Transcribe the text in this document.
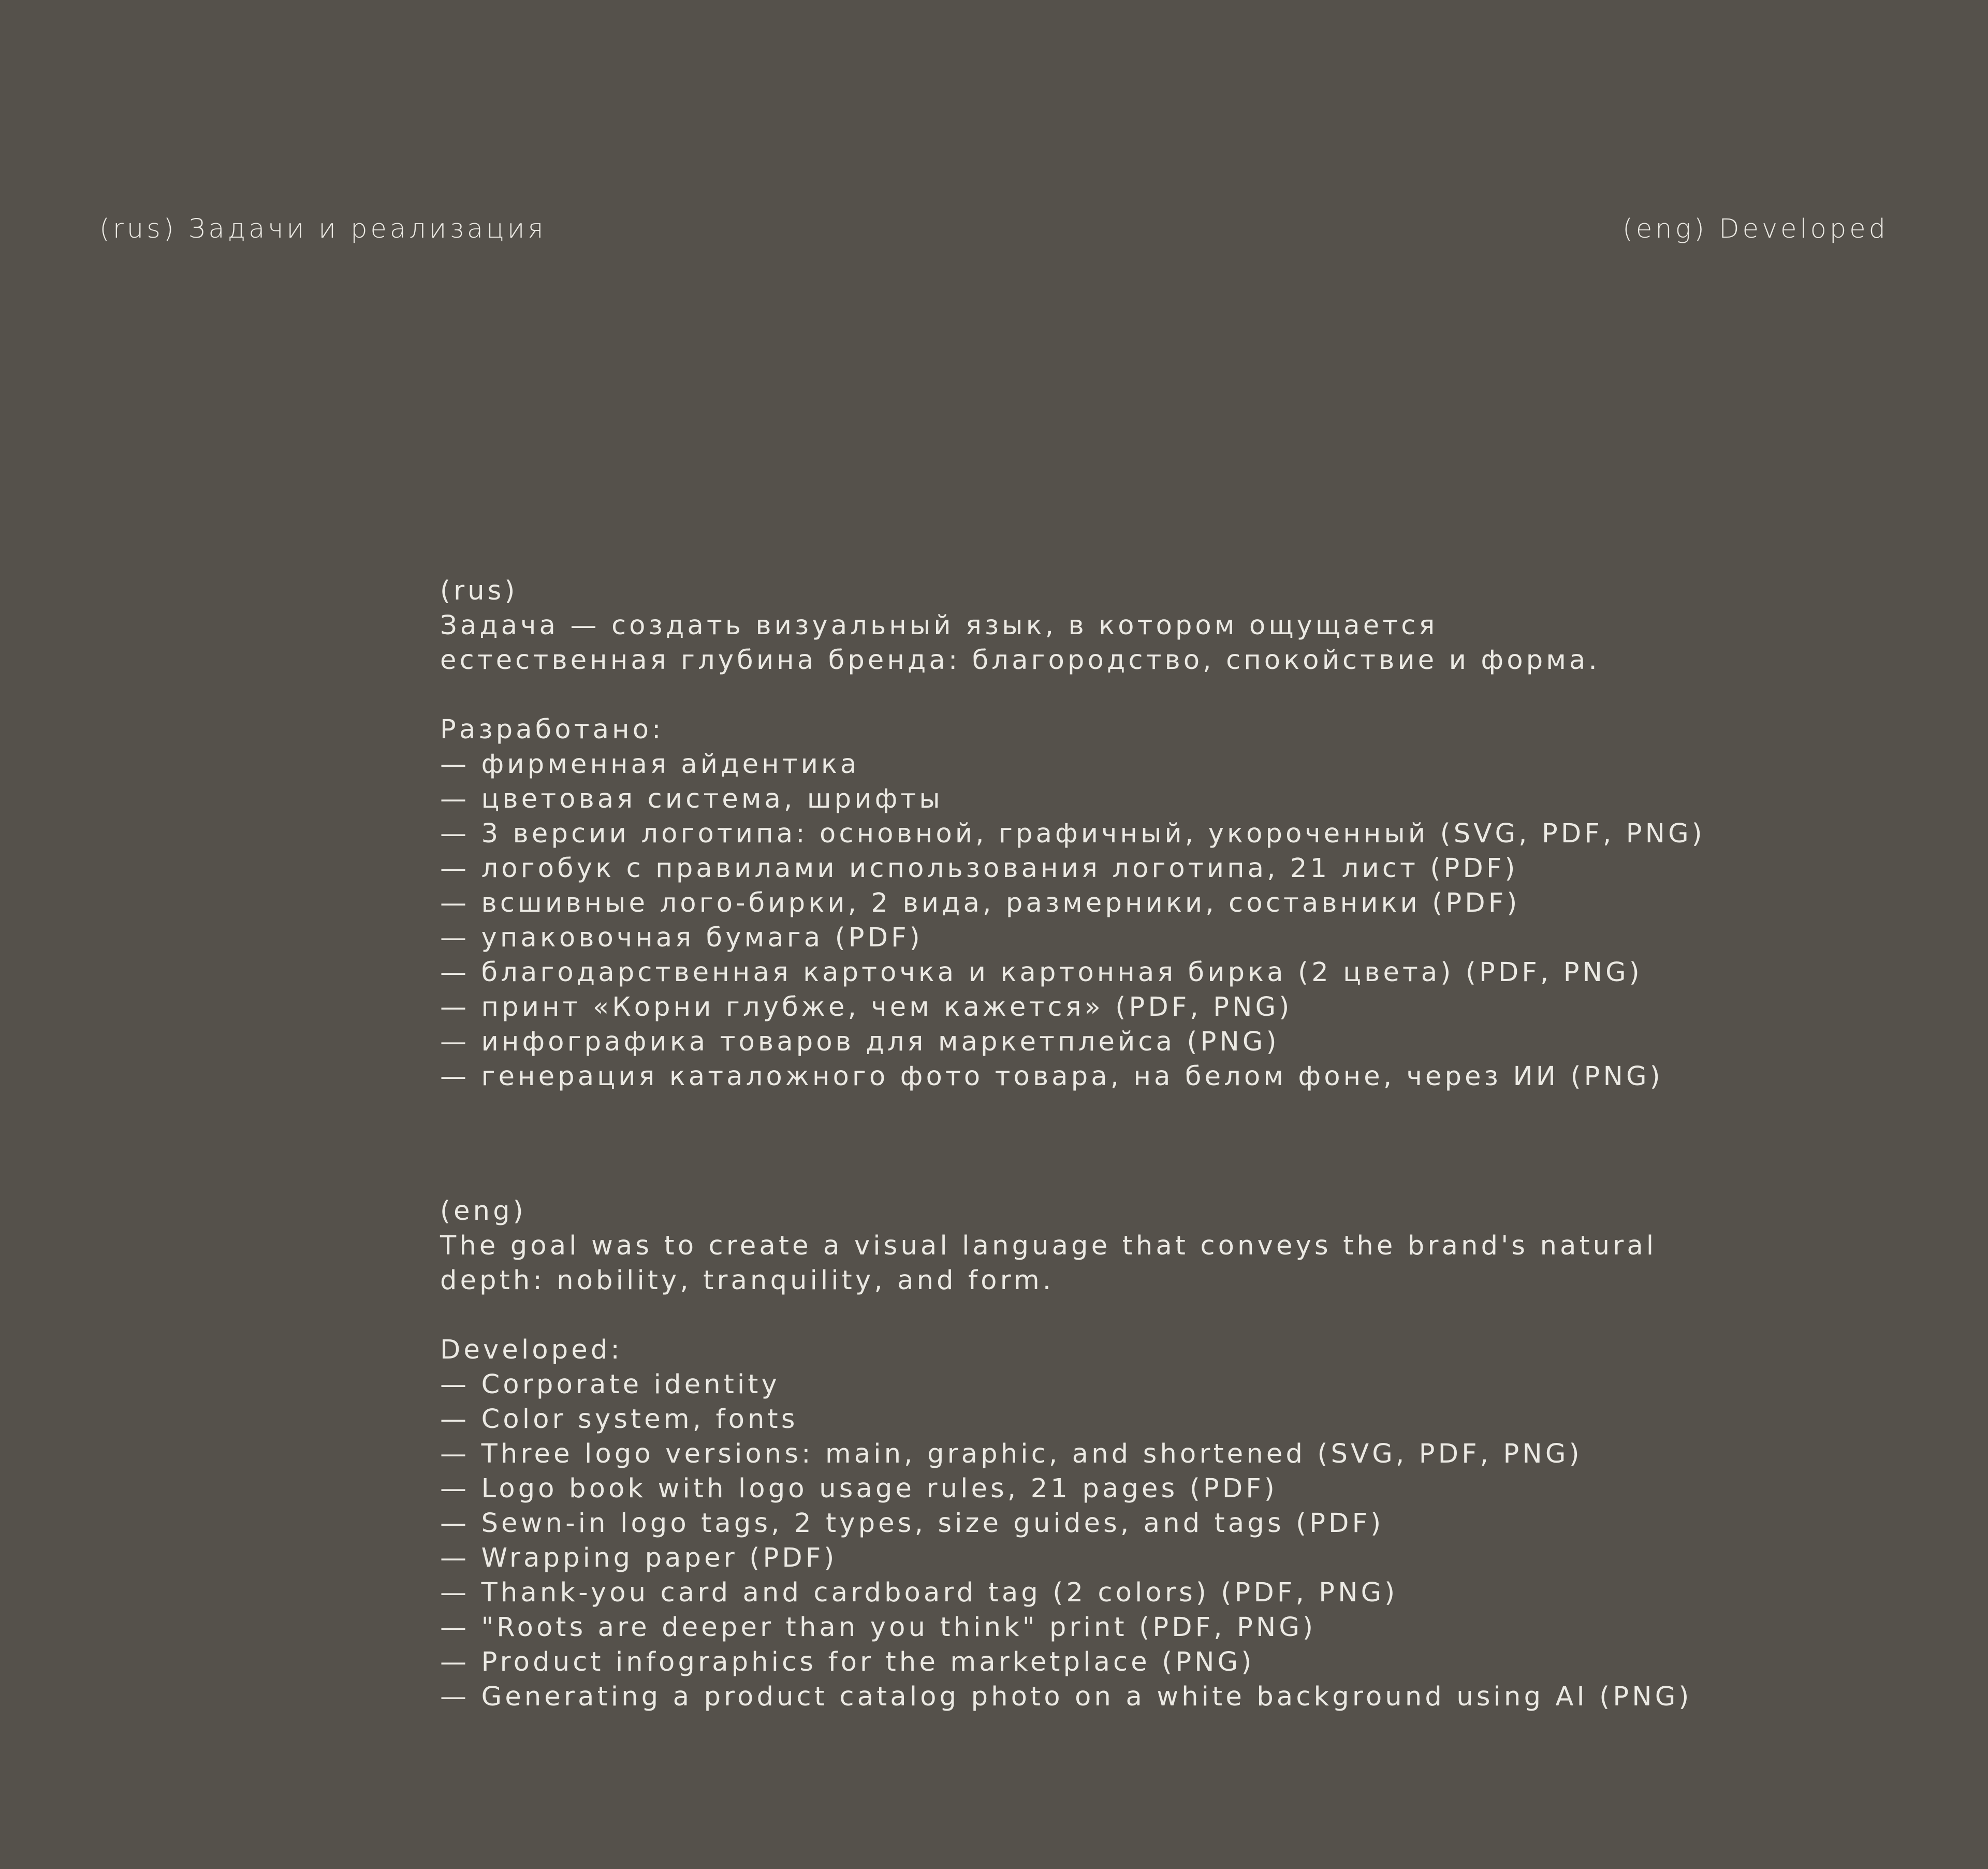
(rus) Задачи и реализация	(eng) Developed
(rus)
Задача — создать визуальный язык, в котором ощущается
естественная глубина бренда: благородство, спокойствие и форма.
Разработано:
— фирменная айдентика
— цветовая система, шрифты
— 3 версии логотипа: основной, графичный, укороченный (SVG, PDF, PNG)
— логобук с правилами использования логотипа, 21 лист (PDF)
— всшивные лого-бирки, 2 вида, размерники, составники (PDF)
— упаковочная бумага (PDF)
— благодарственная карточка и картонная бирка (2 цвета) (PDF, PNG)
— принт «Корни глубже, чем кажется» (PDF, PNG)
— инфографика товаров для маркетплейса (PNG)
— генерация каталожного фото товара, на белом фоне, через ИИ (PNG)
(eng)
The goal was to create a visual language that conveys the brand's natural
depth: nobility, tranquility, and form.
Developed:
— Corporate identity
— Color system, fonts
— Three logo versions: main, graphic, and shortened (SVG, PDF, PNG)
— Logo book with logo usage rules, 21 pages (PDF)
— Sewn-in logo tags, 2 types, size guides, and tags (PDF)
— Wrapping paper (PDF)
— Thank-you card and cardboard tag (2 colors) (PDF, PNG)
— "Roots are deeper than you think" print (PDF, PNG)
— Product infographics for the marketplace (PNG)
— Generating a product catalog photo on a white background using AI (PNG)
